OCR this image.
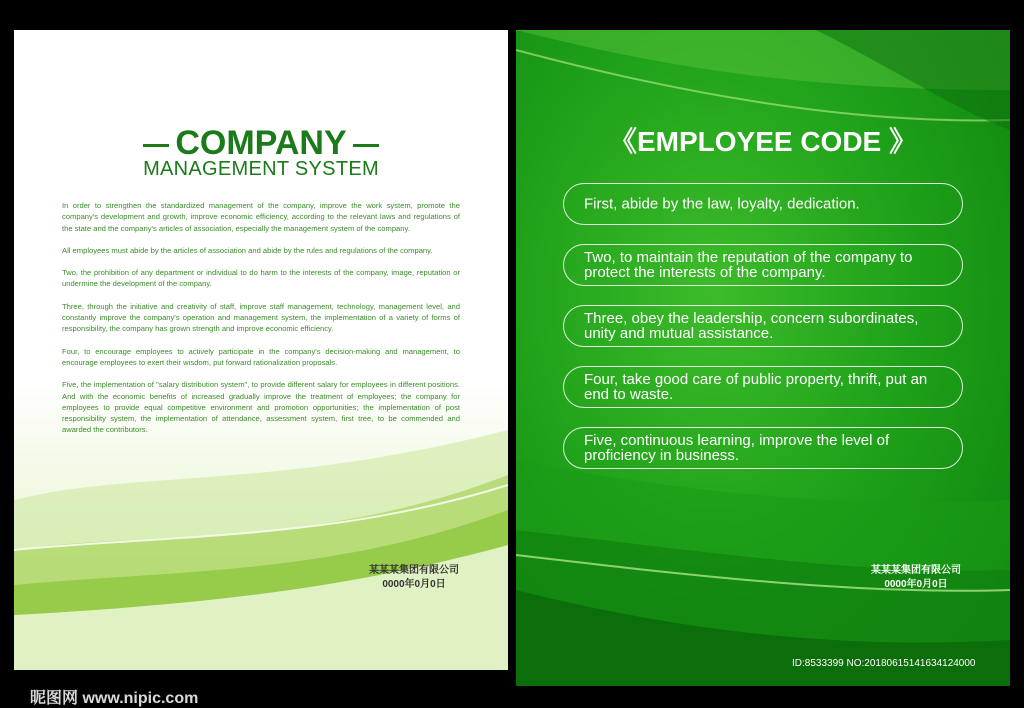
COMPANY
MANAGEMENT SYSTEM

In order to strengthen the standardized management of the company, improve the work system, promote the company's development and growth, improve economic efficiency, according to the relevant laws and regulations of the state and the company's articles of association, especially the management system of the company.

All employees must abide by the articles of association and abide by the rules and regulations of the company.

Two, the prohibition of any department or individual to do harm to the interests of the company, image, reputation or undermine the development of the company.

Three, through the initiative and creativity of staff, improve staff management, technology, management level, and constantly improve the company's operation and management system, the implementation of a variety of forms of responsibility, the company has grown strength and improve economic efficiency.

Four, to encourage employees to actively participate in the company's decision-making and management, to encourage employees to exert their wisdom, put forward rationalization proposals.

Five, the implementation of "salary distribution system", to provide different salary for employees in different positions. And with the economic benefits of increased gradually improve the treatment of employees; the company for employees to provide equal competitive environment and promotion opportunities; the implementation of post responsibility system, the implementation of attendance, assessment system, first tree, to be commended and awarded the contributors.

某某某集团有限公司
0000年0月0日
昵图网 www.nipic.com
《EMPLOYEE CODE 》
First, abide by the law, loyalty, dedication.
Two, to maintain the reputation of the company to protect the interests of the company.
Three, obey the leadership, concern subordinates, unity and mutual assistance.
Four, take good care of public property, thrift, put an end to waste.
Five, continuous learning, improve the level of proficiency in business.
某某某集团有限公司
0000年0月0日
ID:8533399 NO:20180615141634124000
